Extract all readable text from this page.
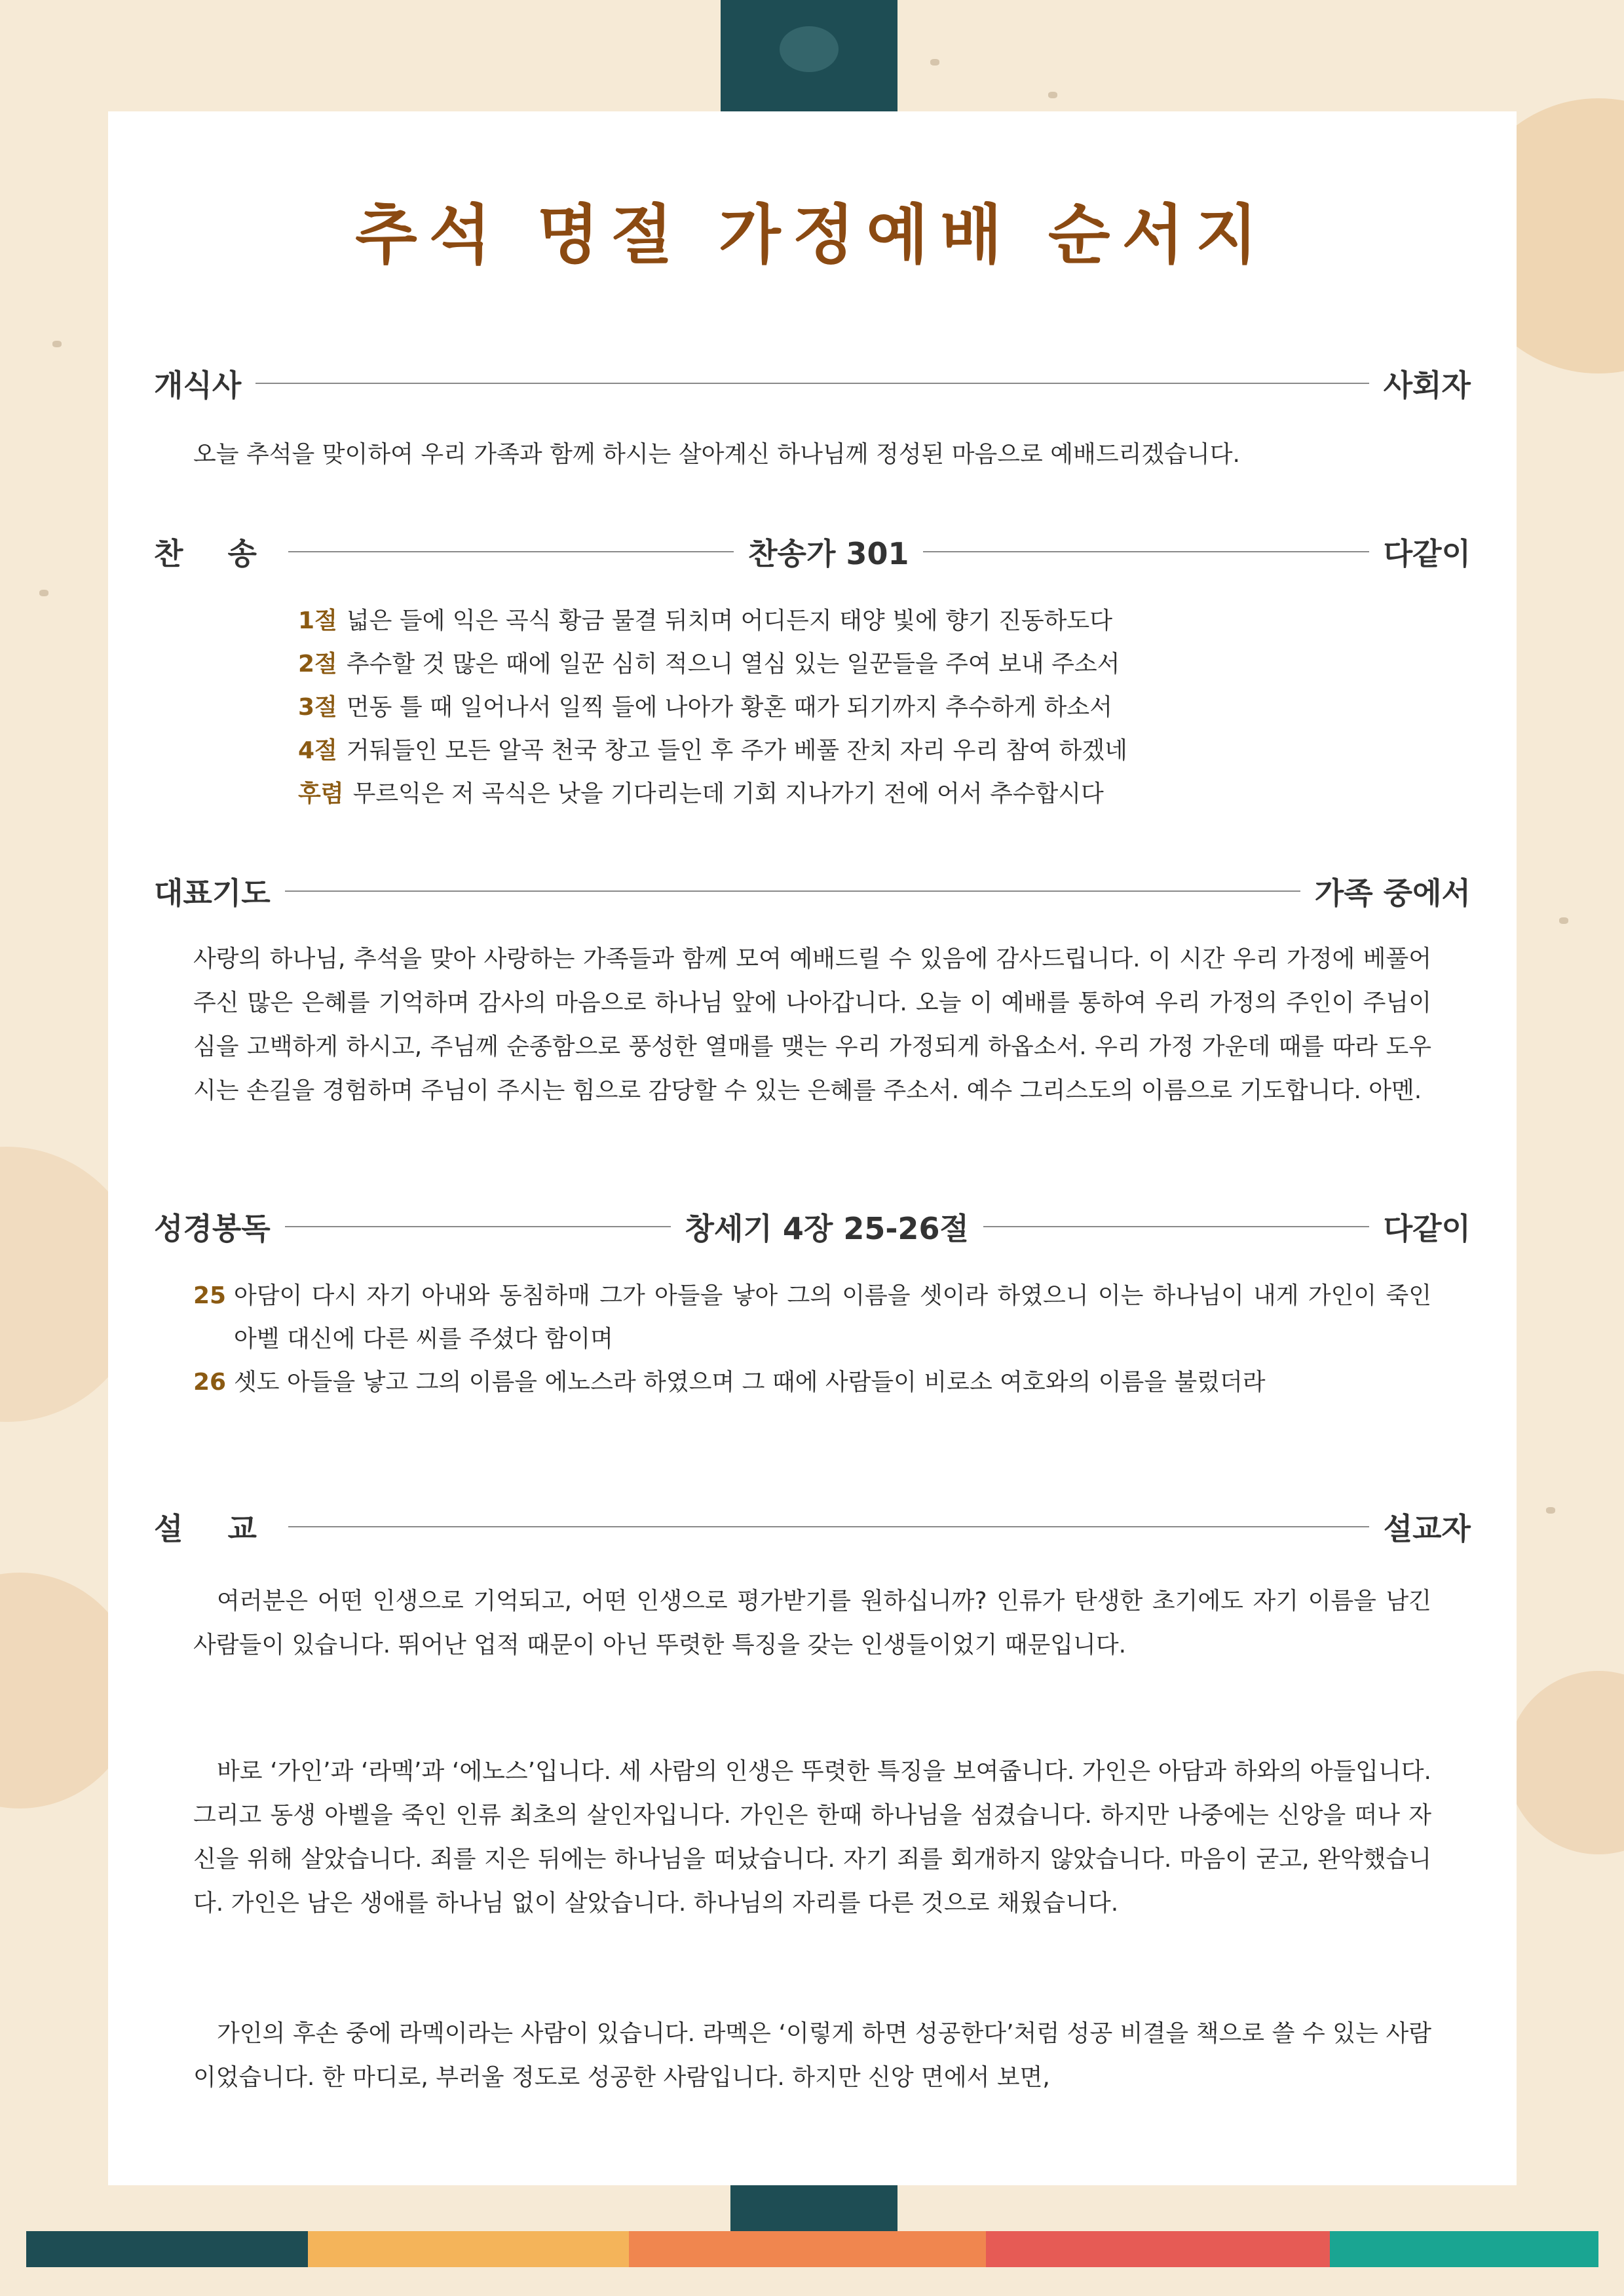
추석 명절 가정예배 순서지
개식사	사회자
오늘 추석을 맞이하여 우리 가족과 함께 하시는 살아계신 하나님께 정성된 마음으로 예배드리겠습니다.
찬 송	찬송가 301	다같이
1절 넓은 들에 익은 곡식 황금 물결 뒤치며 어디든지 태양 빛에 향기 진동하도다
2절 추수할 것 많은 때에 일꾼 심히 적으니 열심 있는 일꾼들을 주여 보내 주소서
3절 먼동 틀 때 일어나서 일찍 들에 나아가 황혼 때가 되기까지 추수하게 하소서
4절 거둬들인 모든 알곡 천국 창고 들인 후 주가 베풀 잔치 자리 우리 참여 하겠네
후렴 무르익은 저 곡식은 낫을 기다리는데 기회 지나가기 전에 어서 추수합시다
대표기도	가족 중에서
사랑의 하나님, 추석을 맞아 사랑하는 가족들과 함께 모여 예배드릴 수 있음에 감사드립니다. 이 시간 우리 가정에 베풀어주신 많은 은혜를 기억하며 감사의 마음으로 하나님 앞에 나아갑니다. 오늘 이 예배를 통하여 우리 가정의 주인이 주님이심을 고백하게 하시고, 주님께 순종함으로 풍성한 열매를 맺는 우리 가정되게 하옵소서. 우리 가정 가운데 때를 따라 도우시는 손길을 경험하며 주님이 주시는 힘으로 감당할 수 있는 은혜를 주소서. 예수 그리스도의 이름으로 기도합니다. 아멘.
성경봉독	창세기 4장 25-26절	다같이
25 아담이 다시 자기 아내와 동침하매 그가 아들을 낳아 그의 이름을 셋이라 하였으니 이는 하나님이 내게 가인이 죽인 아벨 대신에 다른 씨를 주셨다 함이며
26 셋도 아들을 낳고 그의 이름을 에노스라 하였으며 그 때에 사람들이 비로소 여호와의 이름을 불렀더라
설 교	설교자
여러분은 어떤 인생으로 기억되고, 어떤 인생으로 평가받기를 원하십니까? 인류가 탄생한 초기에도 자기 이름을 남긴 사람들이 있습니다. 뛰어난 업적 때문이 아닌 뚜렷한 특징을 갖는 인생들이었기 때문입니다.
바로 ‘가인’과 ‘라멕’과 ‘에노스’입니다. 세 사람의 인생은 뚜렷한 특징을 보여줍니다. 가인은 아담과 하와의 아들입니다. 그리고 동생 아벨을 죽인 인류 최초의 살인자입니다. 가인은 한때 하나님을 섬겼습니다. 하지만 나중에는 신앙을 떠나 자신을 위해 살았습니다. 죄를 지은 뒤에는 하나님을 떠났습니다. 자기 죄를 회개하지 않았습니다. 마음이 굳고, 완악했습니다. 가인은 남은 생애를 하나님 없이 살았습니다. 하나님의 자리를 다른 것으로 채웠습니다.
가인의 후손 중에 라멕이라는 사람이 있습니다. 라멕은 ‘이렇게 하면 성공한다’처럼 성공 비결을 책으로 쓸 수 있는 사람이었습니다. 한 마디로, 부러울 정도로 성공한 사람입니다. 하지만 신앙 면에서 보면,
